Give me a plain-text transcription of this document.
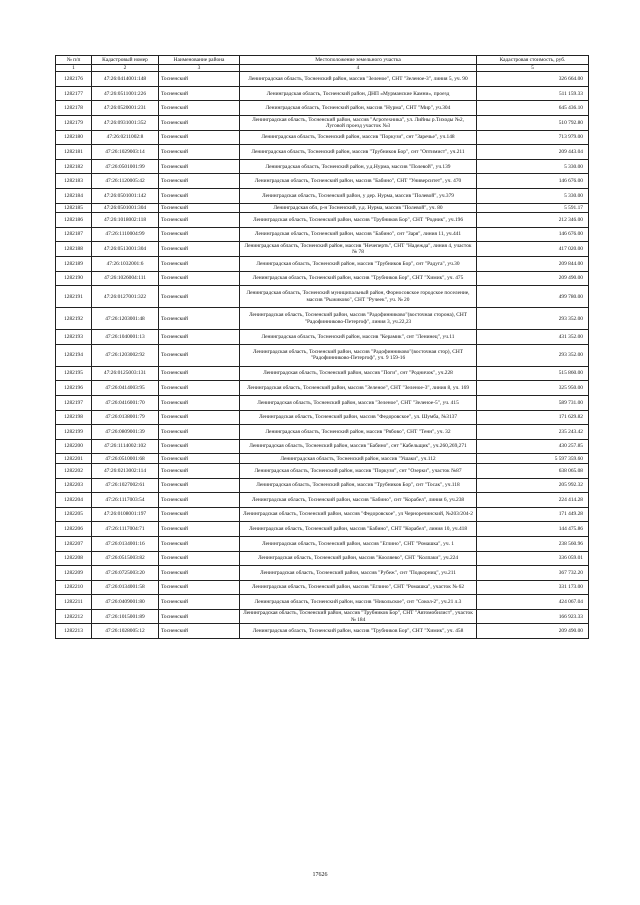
№ п/п	Кадастровый номер	Наименование района	Местоположение земельного участка	Кадастровая стоимость, руб.
1	2	3	4	5
1282176	47:26:0414001:148	Тосненский	Ленинградская область, Тосненский район, массив "Зеленое", СНТ "Зеленое-3", линия 5, уч. 90	326 664.00
1282177	47:26:0511001:226	Тосненский	Ленинградская область, Тосненский район, ДНП «Мурманские Камни», проезд	511 159.33
1282178	47:26:0520001:231	Тосненский	Ленинградская область, Тосненский район, массив "Нурма", СНТ "Мир", уч.304	645 436.10
1282179	47:26:0931001:352	Тосненский	Ленинградская область, Тосненский район, массив "Агротехника", ул. Лийны р.Тиходы №2, Луговой проезд участок №3	510 792.80
1282180	47:26:0211002:8	Тосненский	Ленинградская область, Тосненский район, массив "Поркузи", снт "Заречье", уч.148	713 979.00
1282181	47:26:1029003:14	Тосненский	Ленинградская область, Тосненский район, массив "Трубников Бор", снт "Оптимист", уч.211	209 443.04
1282182	47:26:0501001:99	Тосненский	Ленинградская область, Тосненский район, у.д.Нурма, массив "Полевой", уч.139	5 330.00
1282183	47:26:1120005:42	Тосненский	Ленинградская область, Тосненский район, массив "Бабино", СНТ "Университет", уч. 470	146 676.00
1282184	47:26:0501001:142	Тосненский	Ленинградская область, Тосненский район, у дер. Нурма, массив "Полевой", уч.379	5 330.00
1282185	47:26:0501001:304	Тосненский	Ленинградская обл, р-н Тосненский, у.д. Нурма, массив "Полевой", уч. 80	5 591.17
1282186	47:26:1018002:118	Тосненский	Ленинградская область, Тосненский район, массив "Трубников Бор", СНТ "Родник", уч.196	212 346.00
1282187	47:26:1110004:99	Тосненский	Ленинградская область, Тосненский район, массив "Бабино", снт "Заря", линия 11, уч.441	146 676.00
1282188	47:26:0513001:304	Тосненский	Ленинградская область, Тосненский район, массив "Нечеперть", СНТ "Надежда", линия 4, участок № 78	417 020.00
1282189	47:26:1032001:6	Тосненский	Ленинградская область, Тосненский район, массив "Трубников Бор", снт "Радуга", уч.30	209 844.00
1282190	47:26:1026004:111	Тосненский	Ленинградская область, Тосненский район, массив "Трубников Бор", СНТ "Химик", уч. 475	209 490.00
1282191	47:26:0127001:322	Тосненский	Ленинградская область, Тосненский муниципальный район, Форносовское городское поселение, массив "Рыжиково", СНТ "Ручеек", уч. № 20	499 780.00
1282192	47:26:1203001:48	Тосненский	Ленинградская область, Тосненский район, массив "Радофинниково"(восточная сторона), СНТ "Радофинниково-Петергоф", линия 3, уч.22,23	293 352.00
1282193	47:26:1040001:13	Тосненский	Ленинградская область, Тосненский район, массив "Керамик", снт "Ленинец", уч.11	431 352.00
1282194	47:26:1203002:92	Тосненский	Ленинградская область, Тосненский район, массив "Радофинниково"(восточная стор), СНТ "Радофинниково-Петергоф", уч. 9 159-16	293 352.00
1282195	47:26:0125003:131	Тосненский	Ленинградская область, Тосненский район, массив "Поги", снт "Родничок", уч.228	515 860.00
1282196	47:26:0414003:95	Тосненский	Ленинградская область, Тосненский район, массив "Зеленое", СНТ "Зеленое-3", линия 8, уч. 169	325 950.00
1282197	47:26:0416001:70	Тосненский	Ленинградская область, Тосненский район, массив "Зеленое", СНТ "Зеленое-5", уч. 415	589 731.00
1282198	47:26:0138001:79	Тосненский	Ленинградская область, Тосненский район, массив "Федоровское", ул. Шумба, №3137	171 629.82
1282199	47:26:0809001:39	Тосненский	Ленинградская область, Тосненский район, массив "Рябово", СНТ "Тенн", уч. 32	235 243.42
1282200	47:26:1114002:102	Тосненский	Ленинградская область, Тосненский район, массив "Бабино", снт "Кабельщик", уч.260,269,271	430 257.85
1282201	47:26:0510001:68	Тосненский	Ленинградская область, Тосненский район, массив "Ушаки", уч.112	5 597 359.60
1282202	47:26:0213002:114	Тосненский	Ленинградская область, Тосненский район, массив "Поркузи", снт "Озерки", участок №87	638 065.08
1282203	47:26:1027002:61	Тосненский	Ленинградская область, Тосненский район, массив "Трубников Бор", снт "Тосак", уч.118	205 992.32
1282204	47:26:1117003:54	Тосненский	Ленинградская область, Тосненский район, массив "Бабино", снт "Корабел", линия 6, уч.238	224 414.28
1282205	47:26:0108001:197	Тосненский	Ленинградская область, Тосненский район, массив "Федоровское", ул Черноречинский, №203/204-2	171 449.28
1282206	47:26:1117004:71	Тосненский	Ленинградская область, Тосненский район, массив "Бабино", СНТ "Корабел", линия 10, уч.418	144 475.86
1282207	47:26:0134001:16	Тосненский	Ленинградская область, Тосненский район, массив "Еглино", СНТ "Ромашка", уч. 1	238 560.96
1282208	47:26:0515003:82	Тосненский	Ленинградская область, Тосненский район, массив "Кооляево", СНТ "Колпаки", уч.224	336 059.01
1282209	47:26:0725003:20	Тосненский	Ленинградская область, Тосненский район, массив "Рубеж", снт "Подкорниц", уч.211	367 732.20
1282210	47:26:0134001:58	Тосненский	Ленинградская область, Тосненский район, массив "Еглино", СНТ "Ромашка", участок № 62	331 173.00
1282211	47:26:0409001:80	Тосненский	Ленинградская область, Тосненский район, массив "Никольское", снт "Сокол-2", уч.21 л.3	424 067.04
1282212	47:26:1015001:89	Тосненский	Ленинградская область, Тосненский район, массив "Трубников Бор", СНТ "Автомобилист", участок № 184	166 923.33
1282213	47:26:1028005:12	Тосненский	Ленинградская область, Тосненский район, массив "Трубников Бор", СНТ "Химик", уч. 458	209 490.00
17626
